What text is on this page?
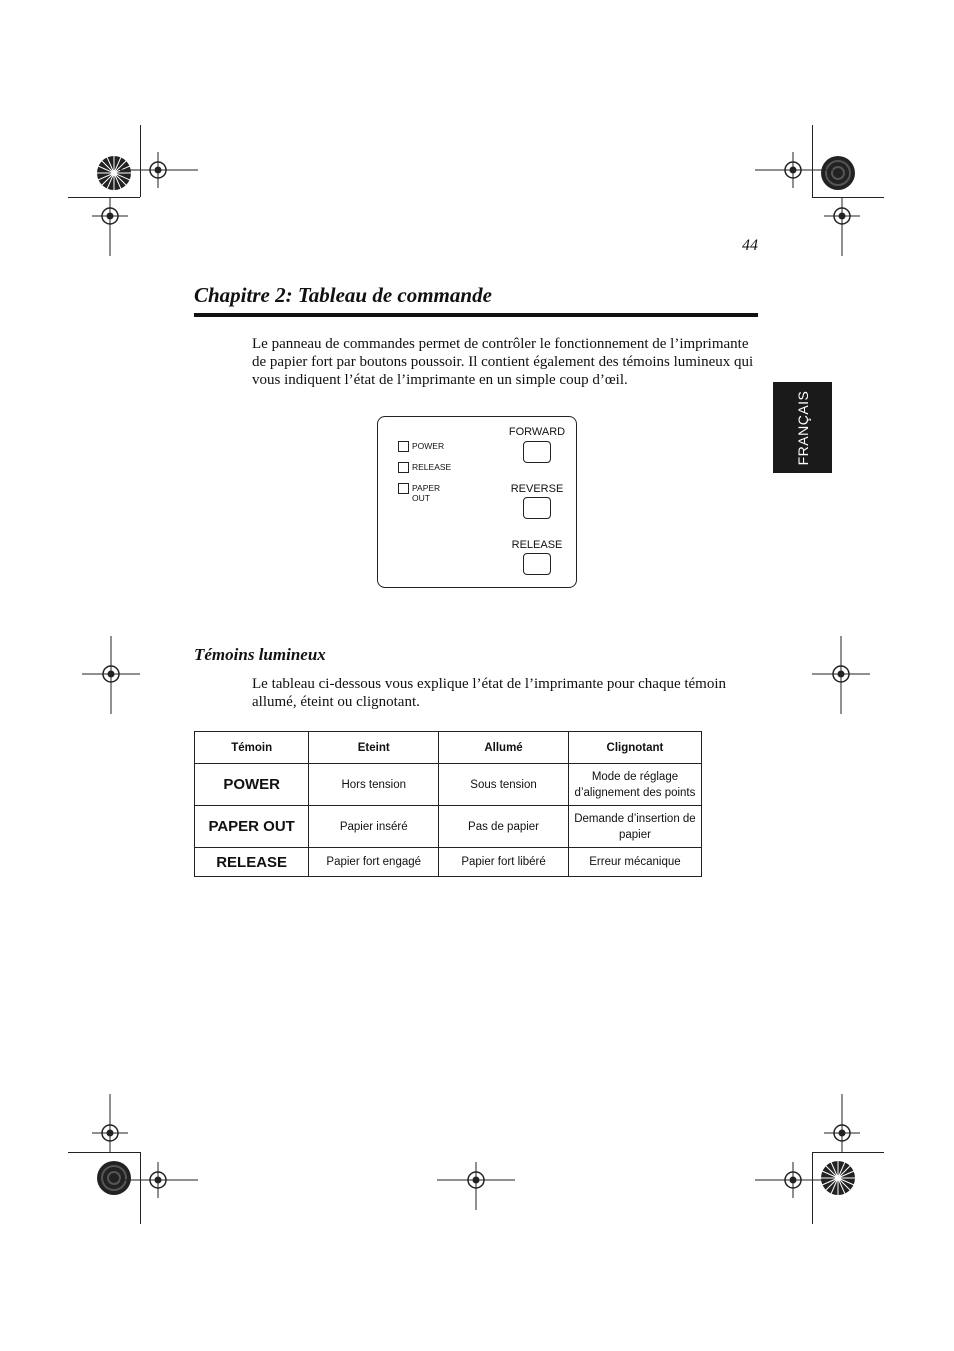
44
Chapitre 2: Tableau de commande
FRANÇAIS
Le panneau de commandes permet de contrôler le fonctionnement de l’imprimante de papier fort par boutons poussoir. Il contient également des témoins lumineux qui vous indiquent l’état de l’imprimante en un simple coup d’œil.
POWER
RELEASE
PAPER
OUT
FORWARD
REVERSE
RELEASE
Témoins lumineux
Le tableau ci-dessous vous explique l’état de l’imprimante pour chaque témoin allumé, éteint ou clignotant.
Témoin	Eteint	Allumé	Clignotant
POWER	Hors tension	Sous tension	Mode de réglage d’alignement des points
PAPER OUT	Papier inséré	Pas de papier	Demande d’insertion de papier
RELEASE	Papier fort engagé	Papier fort libéré	Erreur mécanique
